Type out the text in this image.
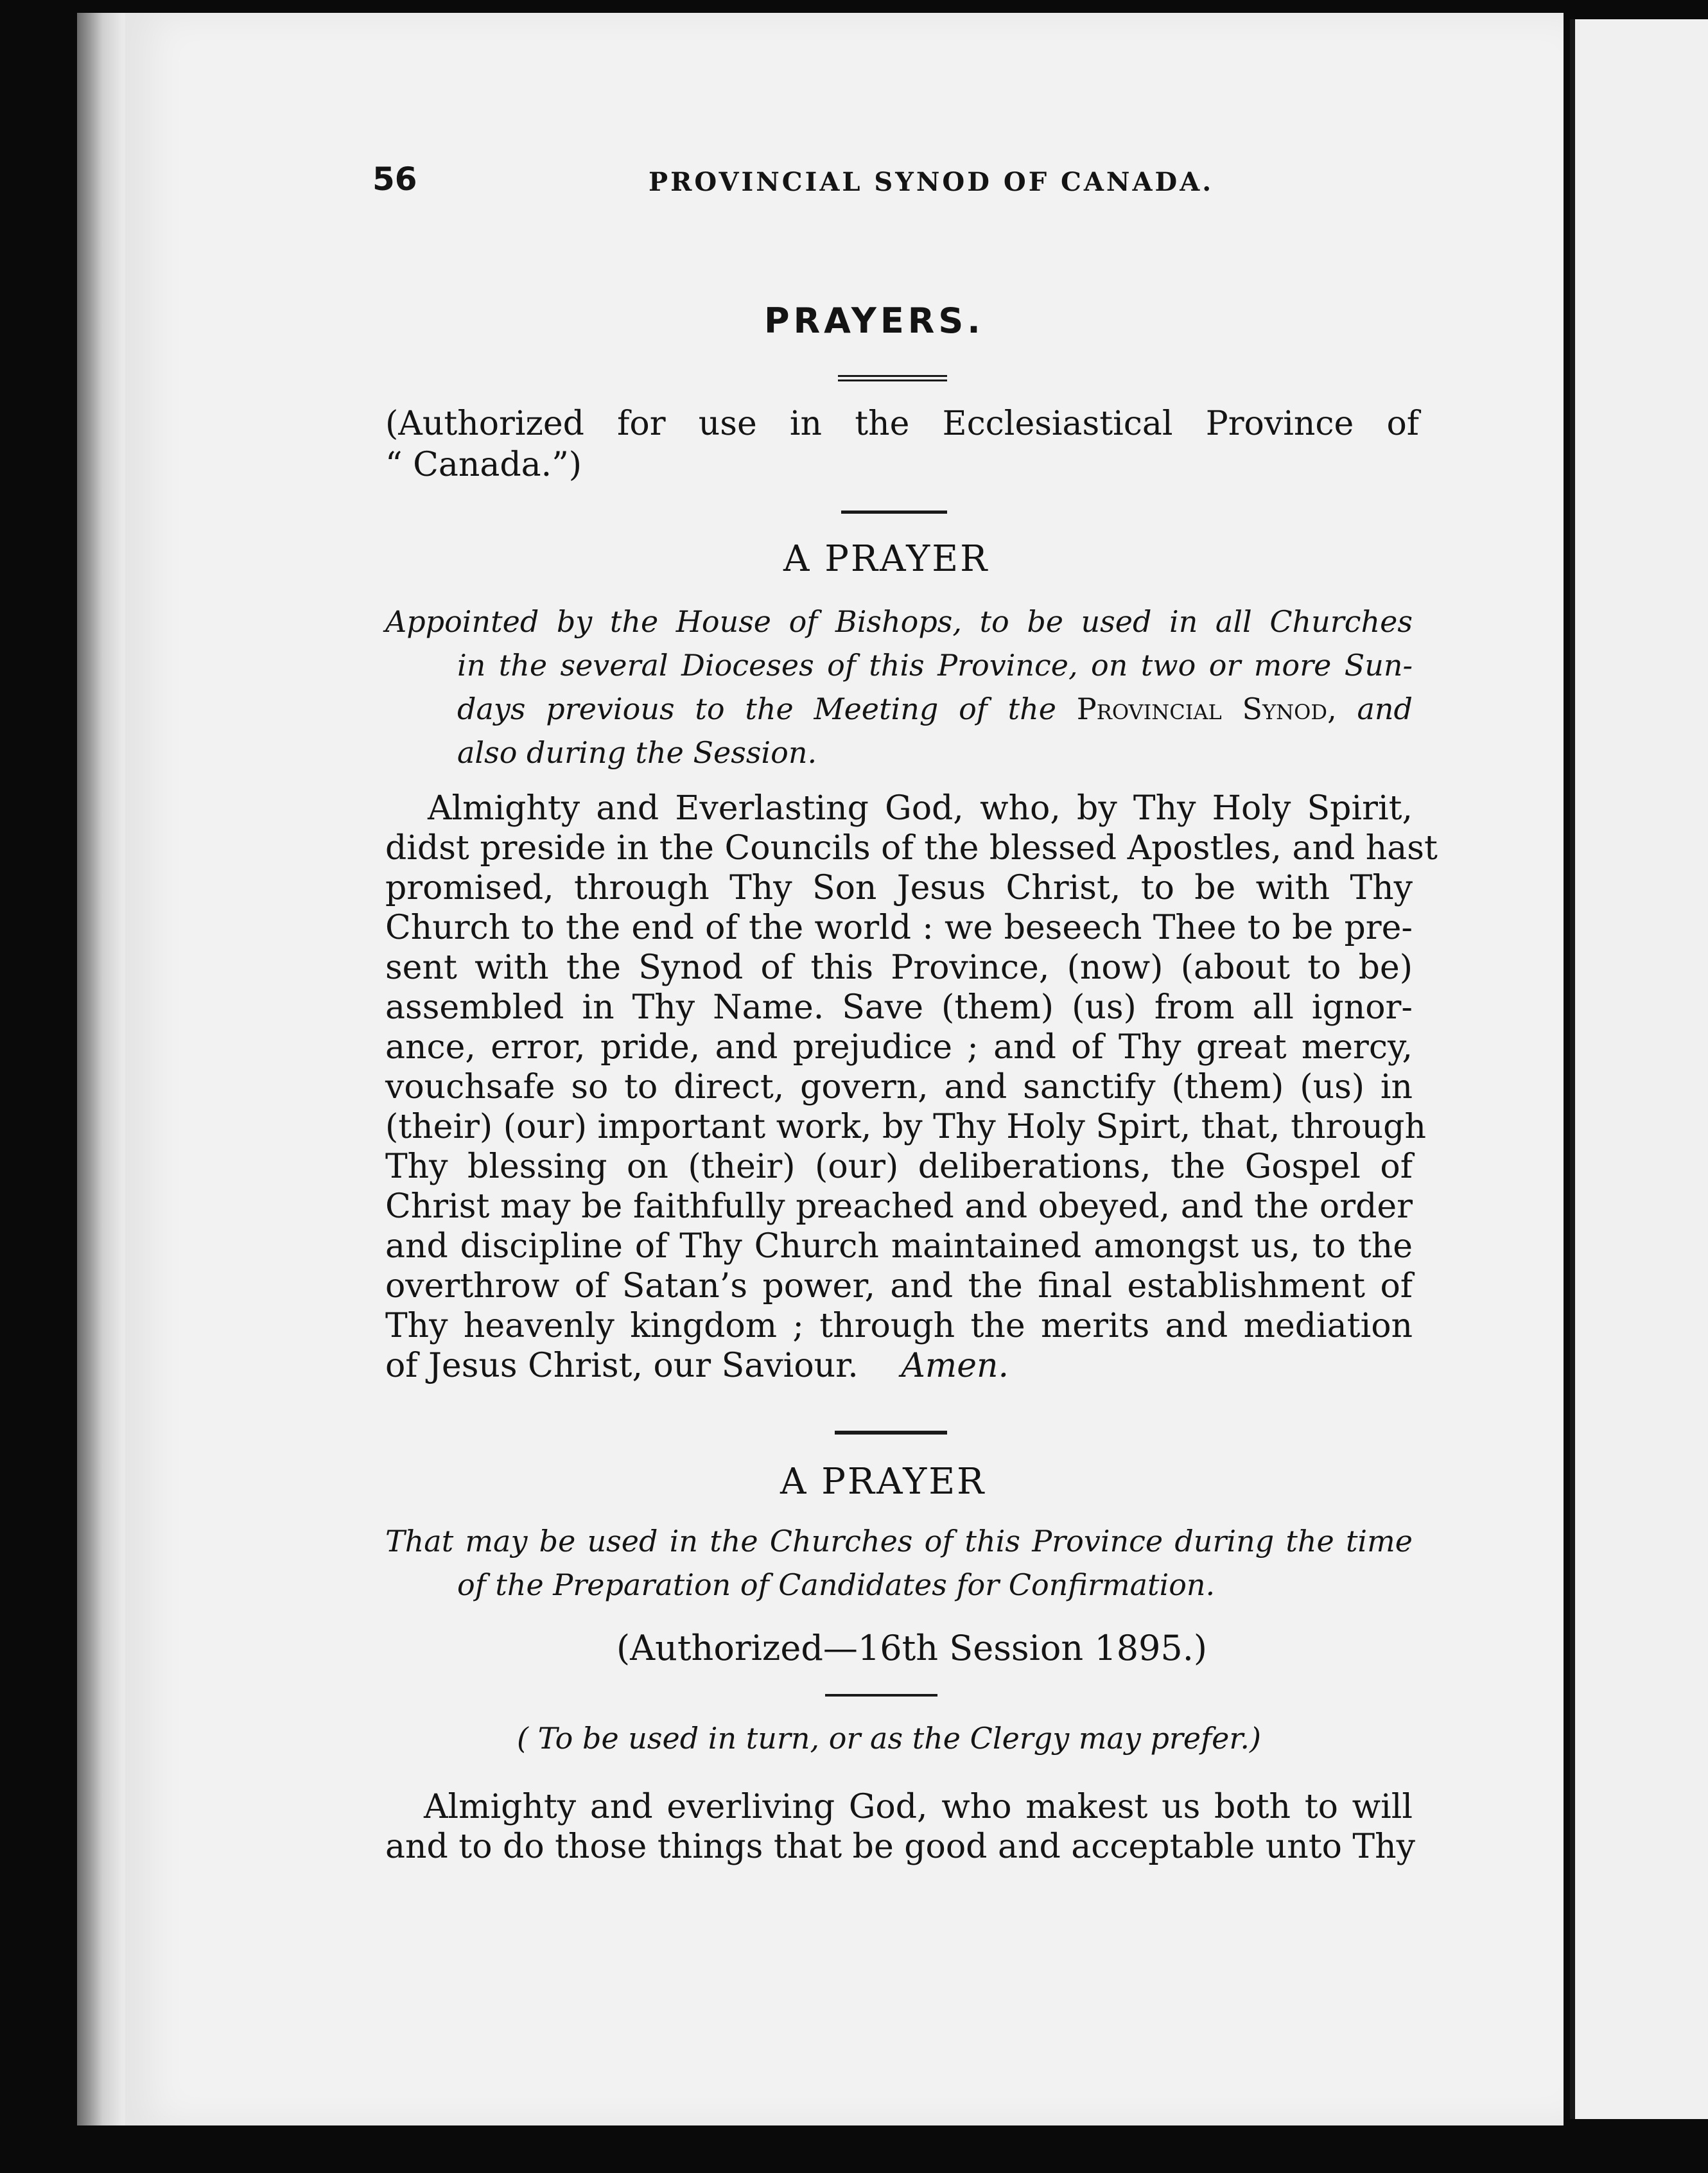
56	PROVINCIAL SYNOD OF CANADA.
PRAYERS.
(Authorized for use in the Ecclesiastical Province of
“ Canada.”)
A PRAYER
Appointed by the House of Bishops, to be used in all Churches
in the several Dioceses of this Province, on two or more Sun-
days previous to the Meeting of the Provincial Synod, and
also during the Session.
Almighty and Everlasting God, who, by Thy Holy Spirit,
didst preside in the Councils of the blessed Apostles, and hast
promised, through Thy Son Jesus Christ, to be with Thy
Church to the end of the world : we beseech Thee to be pre-
sent with the Synod of this Province, (now) (about to be)
assembled in Thy Name. Save (them) (us) from all ignor-
ance, error, pride, and prejudice ; and of Thy great mercy,
vouchsafe so to direct, govern, and sanctify (them) (us) in
(their) (our) important work, by Thy Holy Spirt, that, through
Thy blessing on (their) (our) deliberations, the Gospel of
Christ may be faithfully preached and obeyed, and the order
and discipline of Thy Church maintained amongst us, to the
overthrow of Satan’s power, and the final establishment of
Thy heavenly kingdom ; through the merits and mediation
of Jesus Christ, our Saviour. Amen.
A PRAYER
That may be used in the Churches of this Province during the time
of the Preparation of Candidates for Confirmation.
(Authorized—16th Session 1895.)
( To be used in turn, or as the Clergy may prefer.)
Almighty and everliving God, who makest us both to will
and to do those things that be good and acceptable unto Thy
